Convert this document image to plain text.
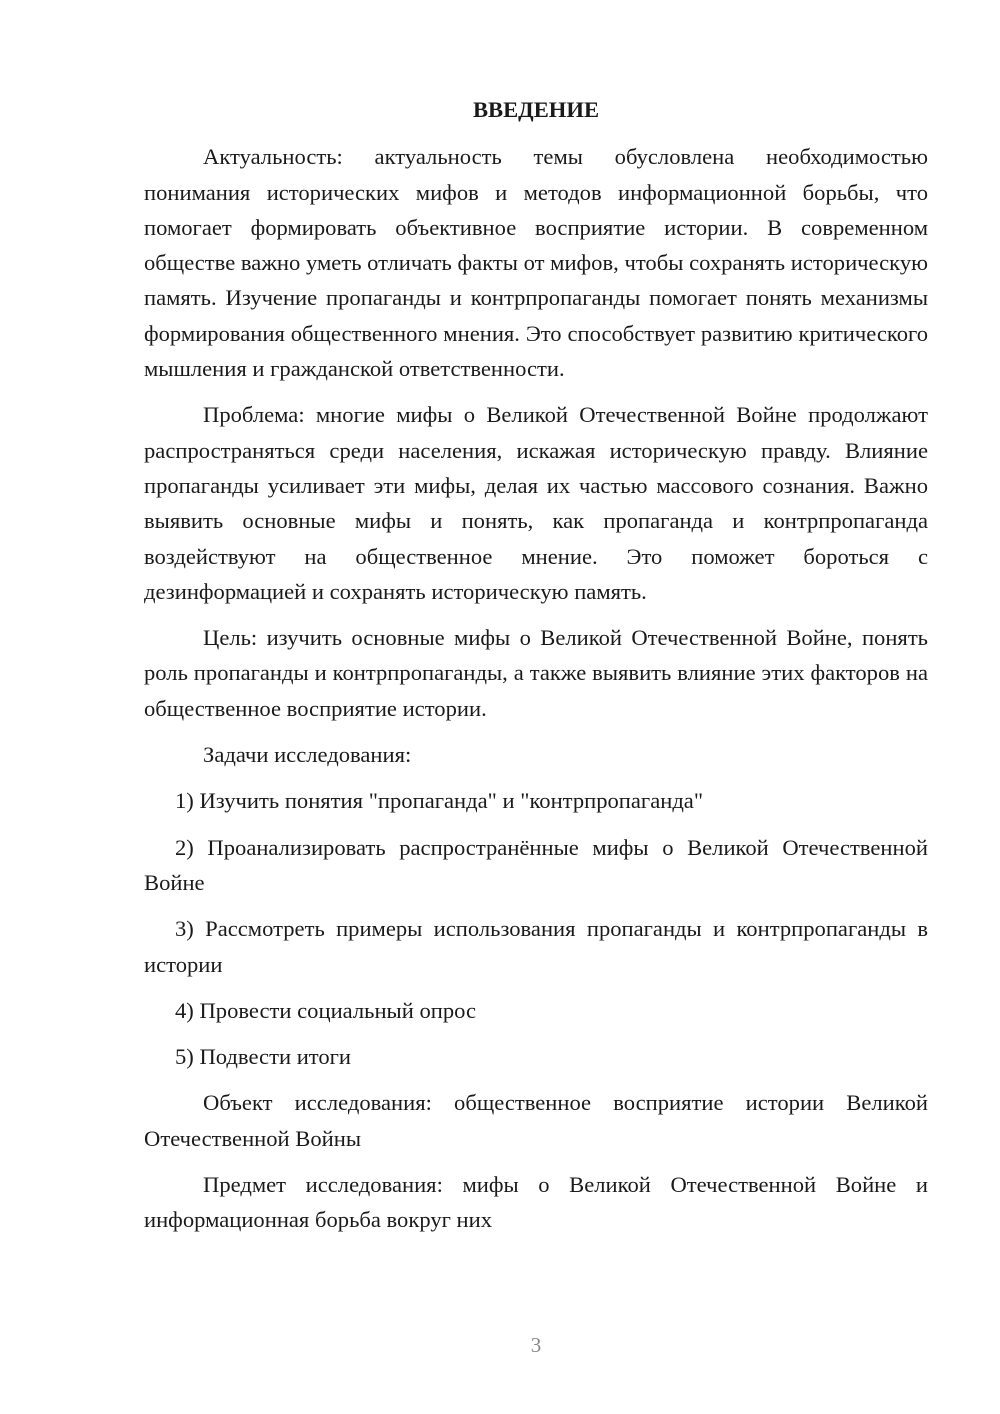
ВВЕДЕНИЕ

Актуальность: актуальность темы обусловлена необходимостью понимания исторических мифов и методов информационной борьбы, что помогает формировать объективное восприятие истории. В современном обществе важно уметь отличать факты от мифов, чтобы сохранять историческую память. Изучение пропаганды и контрпропаганды помогает понять механизмы формирования общественного мнения. Это способствует развитию критического мышления и гражданской ответственности.

Проблема: многие мифы о Великой Отечественной Войне продолжают распространяться среди населения, искажая историческую правду. Влияние пропаганды усиливает эти мифы, делая их частью массового сознания. Важно выявить основные мифы и понять, как пропаганда и контрпропаганда воздействуют на общественное мнение. Это поможет бороться с дезинформацией и сохранять историческую память.

Цель: изучить основные мифы о Великой Отечественной Войне, понять роль пропаганды и контрпропаганды, а также выявить влияние этих факторов на общественное восприятие истории.

Задачи исследования:

1) Изучить понятия "пропаганда" и "контрпропаганда"

2) Проанализировать распространённые мифы о Великой Отечественной Войне

3) Рассмотреть примеры использования пропаганды и контрпропаганды в истории

4) Провести социальный опрос

5) Подвести итоги

Объект исследования: общественное восприятие истории Великой Отечественной Войны

Предмет исследования: мифы о Великой Отечественной Войне и информационная борьба вокруг них

3
